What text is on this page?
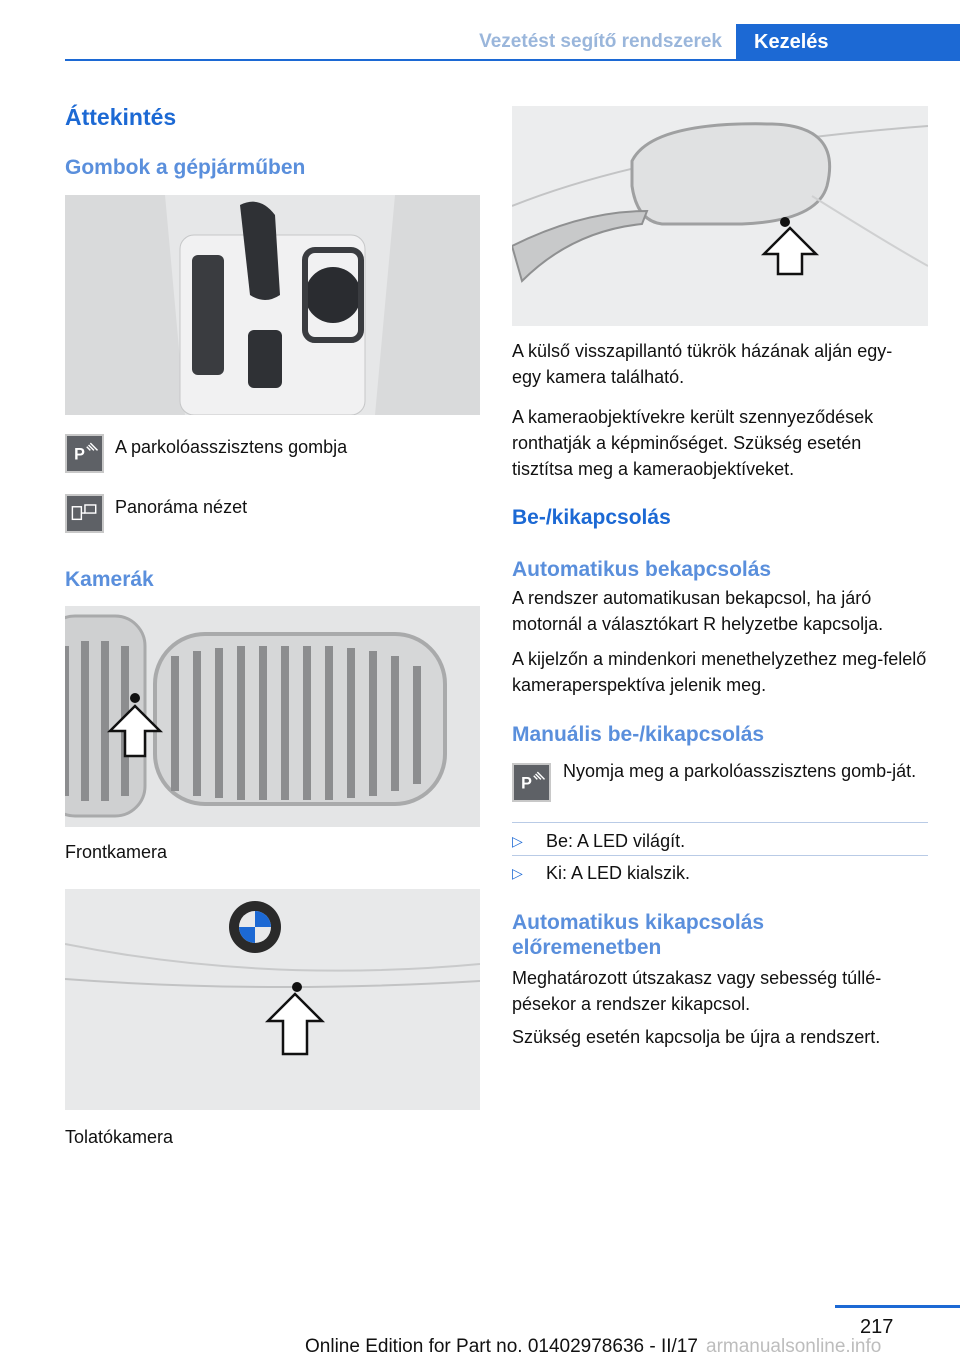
Vezetést segítő rendszerek	Kezelés
Áttekintés
Gombok a gépjárműben
P A parkolóasszisztens gombja
Panoráma nézet
Kamerák
Frontkamera
Tolatókamera
A külső visszapillantó tükrök házának alján egy-egy kamera található.
A kameraobjektívekre került szennyeződések ronthatják a képminőséget. Szükség esetén tisztítsa meg a kameraobjektíveket.
Be-/kikapcsolás
Automatikus bekapcsolás
A rendszer automatikusan bekapcsol, ha járó motornál a választókart R helyzetbe kapcsolja.
A kijelzőn a mindenkori menethelyzethez meg-felelő kameraperspektíva jelenik meg.
Manuális be-/kikapcsolás
P
Nyomja meg a parkolóasszisztens gomb-ját.
▷ Be: A LED világít.
▷ Ki: A LED kialszik.
Automatikus kikapcsolás előremenetben
Meghatározott útszakasz vagy sebesség túllé-pésekor a rendszer kikapcsol.
Szükség esetén kapcsolja be újra a rendszert.
217
Online Edition for Part no. 01402978636 - II/17 armanualsonline.info
